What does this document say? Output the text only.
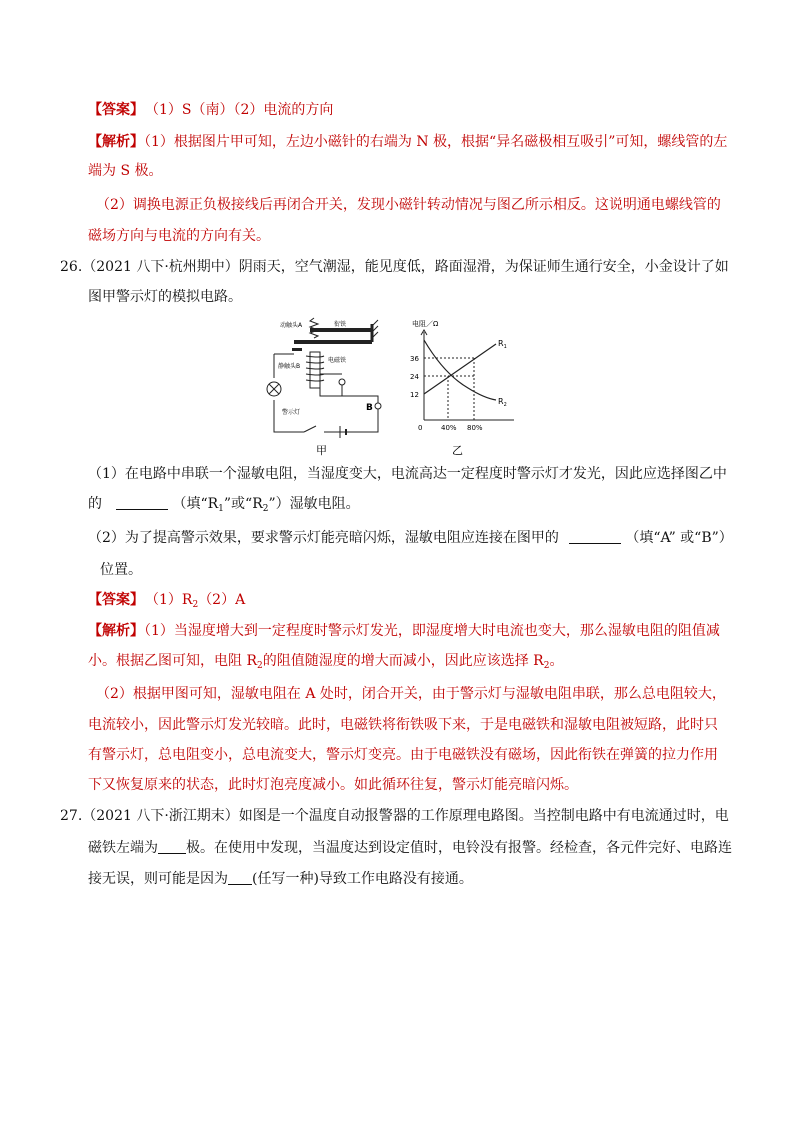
【答案】 （1）S（南）（2）电流的方向
【解析】（1）根据图片甲可知，左边小磁针的右端为 N 极，根据“异名磁极相互吸引”可知，螺线管的左
端为 S 极。
（2）调换电源正负极接线后再闭合开关，发现小磁针转动情况与图乙所示相反。这说明通电螺线管的
磁场方向与电流的方向有关。
26.（2021 八下·杭州期中）阴雨天，空气潮湿，能见度低，路面湿滑，为保证师生通行安全，小金设计了如
图甲警示灯的模拟电路。
动触头A	衔铁
静触头B
电磁铁
警示灯	B
甲
电阻／Ω
36
24
12
0	40% 80%
$R_1$
$R_2$
乙
（1）在电路中串联一个湿敏电阻，当湿度变大，电流高达一定程度时警示灯才发光，因此应选择图乙中
的	（填“$R_1$”或“$R_2$”）湿敏电阻。
（2）为了提高警示效果，要求警示灯能亮暗闪烁，湿敏电阻应连接在图甲的	（填“A” 或“B”）
位置。
【答案】 $(1)R_2(2)A$
【解析】（1）当湿度增大到一定程度时警示灯发光，即湿度增大时电流也变大，那么湿敏电阻的阻值减
小。根据乙图可知，电阻 $R_2$的阻值随湿度的增大而减小，因此应该选择 $R_2$。
（2）根据甲图可知，湿敏电阻在 A 处时，闭合开关，由于警示灯与湿敏电阻串联，那么总电阻较大，
电流较小，因此警示灯发光较暗。此时，电磁铁将衔铁吸下来，于是电磁铁和湿敏电阻被短路，此时只
有警示灯，总电阻变小，总电流变大，警示灯变亮。由于电磁铁没有磁场，因此衔铁在弹簧的拉力作用
下又恢复原来的状态，此时灯泡亮度减小。如此循环往复，警示灯能亮暗闪烁。
27.（2021 八下·浙江期末）如图是一个温度自动报警器的工作原理电路图。当控制电路中有电流通过时，电
磁铁左端为 极。在使用中发现，当温度达到设定值时，电铃没有报警。经检查，各元件完好、电路连
接无误，则可能是因为 (任写一种)导致工作电路没有接通。
